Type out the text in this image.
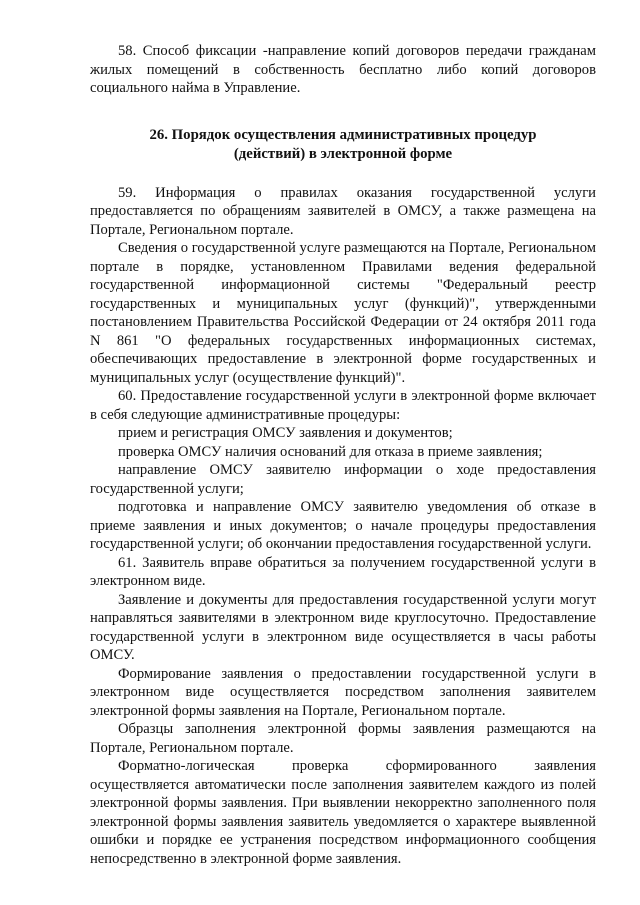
58. Способ фиксации -направление копий договоров передачи гражданам жилых помещений в собственность бесплатно либо копий договоров социального найма в Управление.

26. Порядок осуществления административных процедур
(действий) в электронной форме

59. Информация о правилах оказания государственной услуги предоставляется по обращениям заявителей в ОМСУ, а также размещена на Портале, Региональном портале.

Сведения о государственной услуге размещаются на Портале, Региональном портале в порядке, установленном Правилами ведения федеральной государственной информационной системы "Федеральный реестр государственных и муниципальных услуг (функций)", утвержденными постановлением Правительства Российской Федерации от 24 октября 2011 года N 861 "О федеральных государственных информационных системах, обеспечивающих предоставление в электронной форме государственных и муниципальных услуг (осуществление функций)".

60. Предоставление государственной услуги в электронной форме включает в себя следующие административные процедуры:

прием и регистрация ОМСУ заявления и документов;

проверка ОМСУ наличия оснований для отказа в приеме заявления;

направление ОМСУ заявителю информации о ходе предоставления государственной услуги;

подготовка и направление ОМСУ заявителю уведомления об отказе в приеме заявления и иных документов; о начале процедуры предоставления государственной услуги; об окончании предоставления государственной услуги.

61. Заявитель вправе обратиться за получением государственной услуги в электронном виде.

Заявление и документы для предоставления государственной услуги могут направляться заявителями в электронном виде круглосуточно. Предоставление государственной услуги в электронном виде осуществляется в часы работы ОМСУ.

Формирование заявления о предоставлении государственной услуги в электронном виде осуществляется посредством заполнения заявителем электронной формы заявления на Портале, Региональном портале.

Образцы заполнения электронной формы заявления размещаются на Портале, Региональном портале.

Форматно-логическая проверка сформированного заявления осуществляется автоматически после заполнения заявителем каждого из полей электронной формы заявления. При выявлении некорректно заполненного поля электронной формы заявления заявитель уведомляется о характере выявленной ошибки и порядке ее устранения посредством информационного сообщения непосредственно в электронной форме заявления.
